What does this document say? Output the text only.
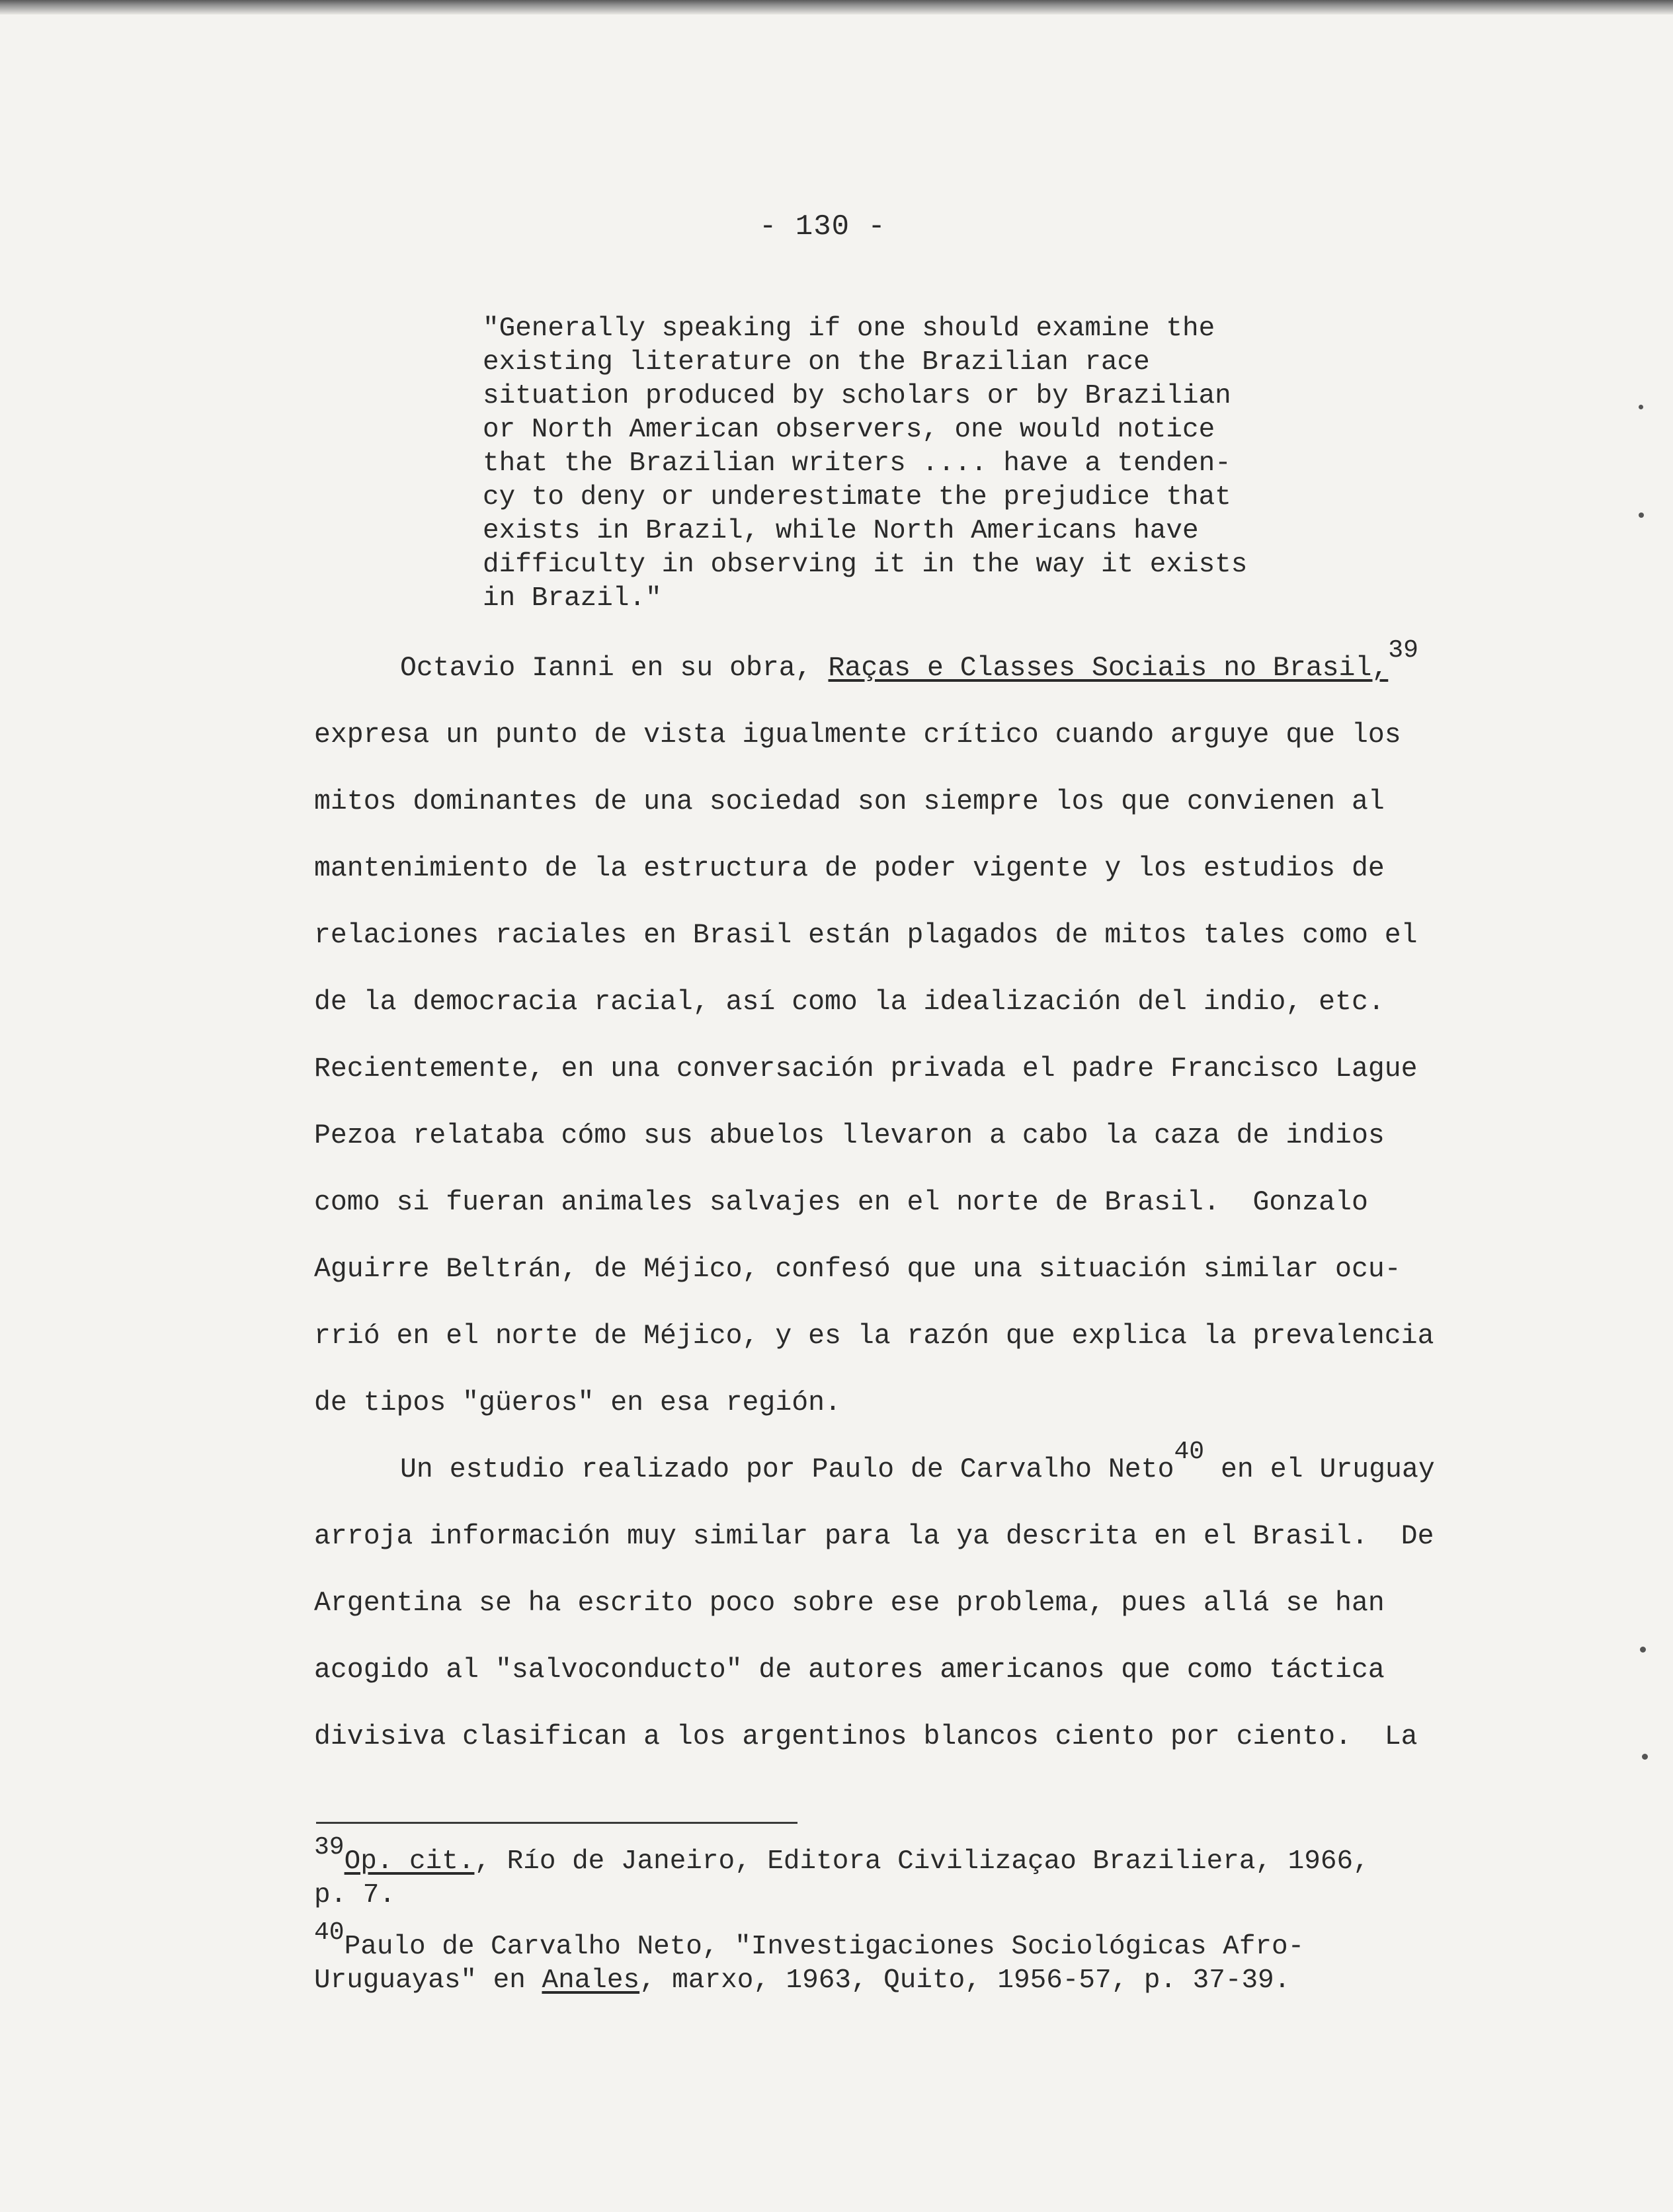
- 130 -
"Generally speaking if one should examine the
existing literature on the Brazilian race
situation produced by scholars or by Brazilian
or North American observers, one would notice
that the Brazilian writers .... have a tenden-
cy to deny or underestimate the prejudice that
exists in Brazil, while North Americans have
difficulty in observing it in the way it exists
in Brazil."
Octavio Ianni en su obra, Raças e Classes Sociais no Brasil,$^{39}$
expresa un punto de vista igualmente crítico cuando arguye que los
mitos dominantes de una sociedad son siempre los que convienen al
mantenimiento de la estructura de poder vigente y los estudios de
relaciones raciales en Brasil están plagados de mitos tales como el
de la democracia racial, así como la idealización del indio, etc.
Recientemente, en una conversación privada el padre Francisco Lague
Pezoa relataba cómo sus abuelos llevaron a cabo la caza de indios
como si fueran animales salvajes en el norte de Brasil.  Gonzalo
Aguirre Beltrán, de Méjico, confesó que una situación similar ocu-
rrió en el norte de Méjico, y es la razón que explica la prevalencia
de tipos "güeros" en esa región.
Un estudio realizado por Paulo de Carvalho Neto$^{40}$ en el Uruguay
arroja información muy similar para la ya descrita en el Brasil.  De
Argentina se ha escrito poco sobre ese problema, pues allá se han
acogido al "salvoconducto" de autores americanos que como táctica
divisiva clasifican a los argentinos blancos ciento por ciento.  La
39Op. cit., Río de Janeiro, Editora Civilizaçao Braziliera, 1966,
p. 7.
40Paulo de Carvalho Neto, "Investigaciones Sociológicas Afro-
Uruguayas" en Anales, marxo, 1963, Quito, 1956-57, p. 37-39.
